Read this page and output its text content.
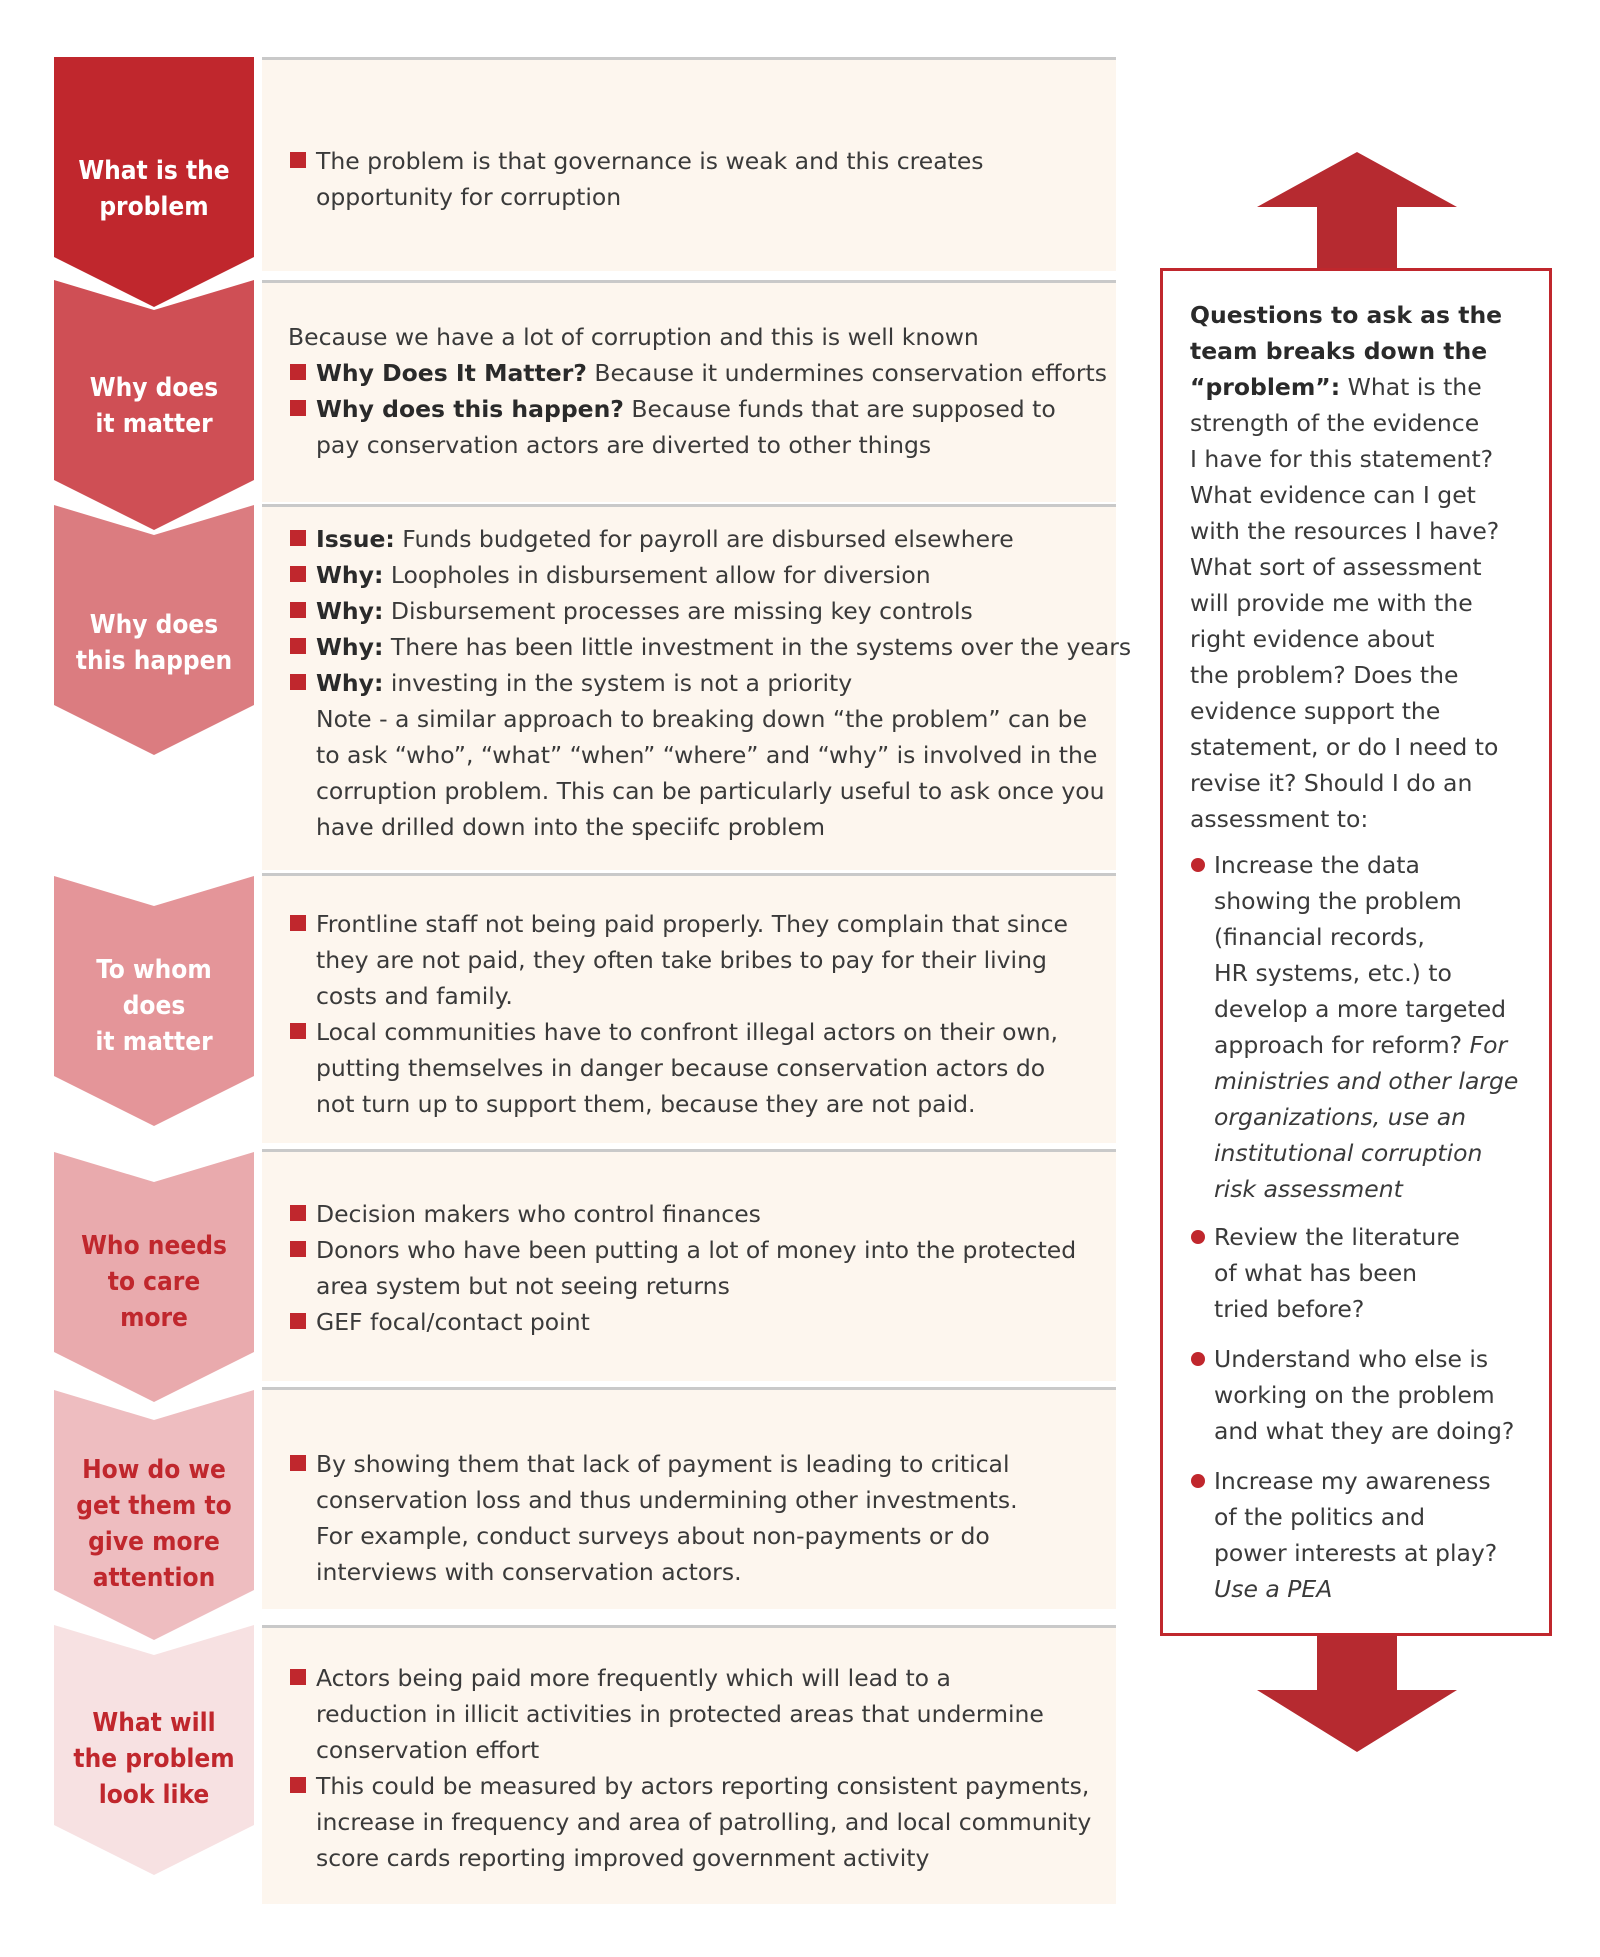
What is the
problem
Why does
it matter
Why does
this happen
To whom
does
it matter
Who needs
to care
more
How do we
get them to
give more
attention
What will
the problem
look like
The problem is that governance is weak and this creates
opportunity for corruption
Because we have a lot of corruption and this is well known
Why Does It Matter? Because it undermines conservation efforts
Why does this happen? Because funds that are supposed to
pay conservation actors are diverted to other things
Issue: Funds budgeted for payroll are disbursed elsewhere
Why: Loopholes in disbursement allow for diversion
Why: Disbursement processes are missing key controls
Why: There has been little investment in the systems over the years
Why: investing in the system is not a priority
Note - a similar approach to breaking down “the problem” can be
to ask “who”, “what” “when” “where” and “why” is involved in the
corruption problem. This can be particularly useful to ask once you
have drilled down into the speciifc problem
Frontline staff not being paid properly. They complain that since
they are not paid, they often take bribes to pay for their living
costs and family.
Local communities have to confront illegal actors on their own,
putting themselves in danger because conservation actors do
not turn up to support them, because they are not paid.
Decision makers who control finances
Donors who have been putting a lot of money into the protected
area system but not seeing returns
GEF focal/contact point
By showing them that lack of payment is leading to critical
conservation loss and thus undermining other investments.
For example, conduct surveys about non-payments or do
interviews with conservation actors.
Actors being paid more frequently which will lead to a
reduction in illicit activities in protected areas that undermine
conservation effort
This could be measured by actors reporting consistent payments,
increase in frequency and area of patrolling, and local community
score cards reporting improved government activity
Questions to ask as the
team breaks down the
“problem”: What is the
strength of the evidence
I have for this statement?
What evidence can I get
with the resources I have?
What sort of assessment
will provide me with the
right evidence about
the problem? Does the
evidence support the
statement, or do I need to
revise it? Should I do an
assessment to:
Increase the data
showing the problem
(financial records,
HR systems, etc.) to
develop a more targeted
approach for reform? For
ministries and other large
organizations, use an
institutional corruption
risk assessment
Review the literature
of what has been
tried before?
Understand who else is
working on the problem
and what they are doing?
Increase my awareness
of the politics and
power interests at play?
Use a PEA
